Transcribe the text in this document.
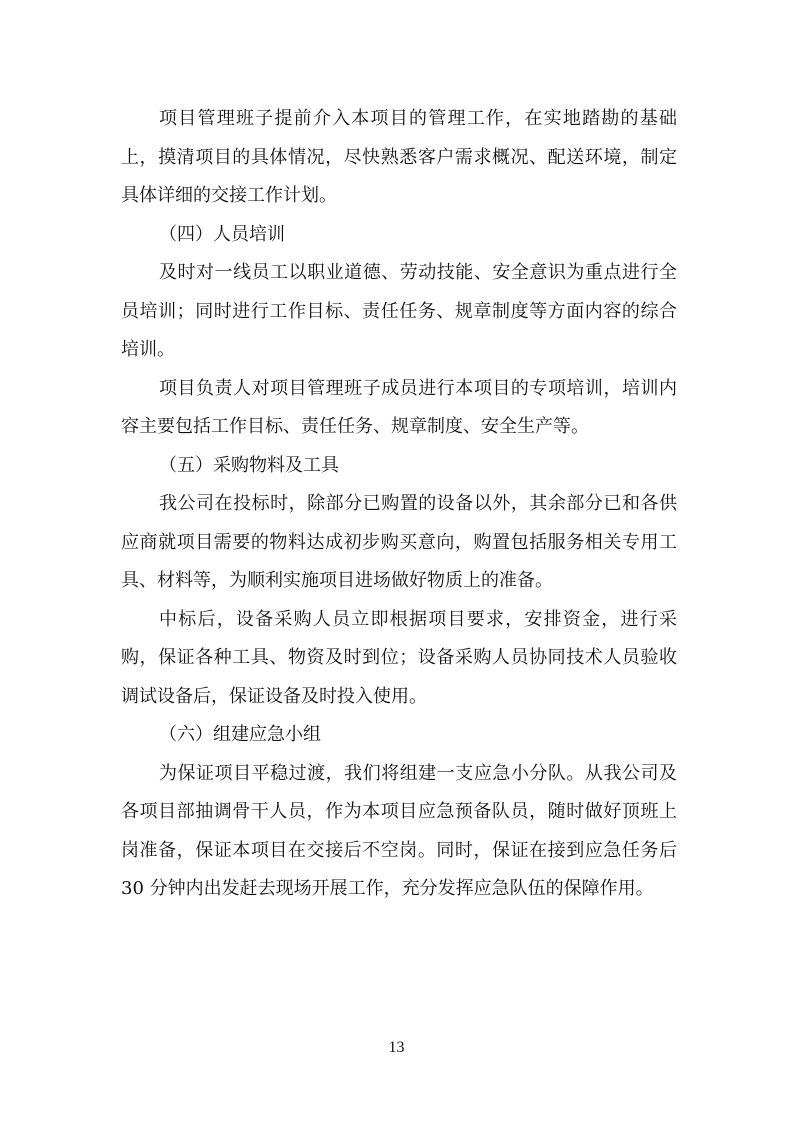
项目管理班子提前介入本项目的管理工作，在实地踏勘的基础上，摸清项目的具体情况，尽快熟悉客户需求概况、配送环境，制定具体详细的交接工作计划。

（四）人员培训

及时对一线员工以职业道德、劳动技能、安全意识为重点进行全员培训；同时进行工作目标、责任任务、规章制度等方面内容的综合培训。

项目负责人对项目管理班子成员进行本项目的专项培训，培训内容主要包括工作目标、责任任务、规章制度、安全生产等。

（五）采购物料及工具

我公司在投标时，除部分已购置的设备以外，其余部分已和各供应商就项目需要的物料达成初步购买意向，购置包括服务相关专用工具、材料等，为顺利实施项目进场做好物质上的准备。

中标后，设备采购人员立即根据项目要求，安排资金，进行采购，保证各种工具、物资及时到位；设备采购人员协同技术人员验收调试设备后，保证设备及时投入使用。

（六）组建应急小组

为保证项目平稳过渡，我们将组建一支应急小分队。从我公司及各项目部抽调骨干人员，作为本项目应急预备队员，随时做好顶班上岗准备，保证本项目在交接后不空岗。同时，保证在接到应急任务后30 分钟内出发赶去现场开展工作，充分发挥应急队伍的保障作用。

13
